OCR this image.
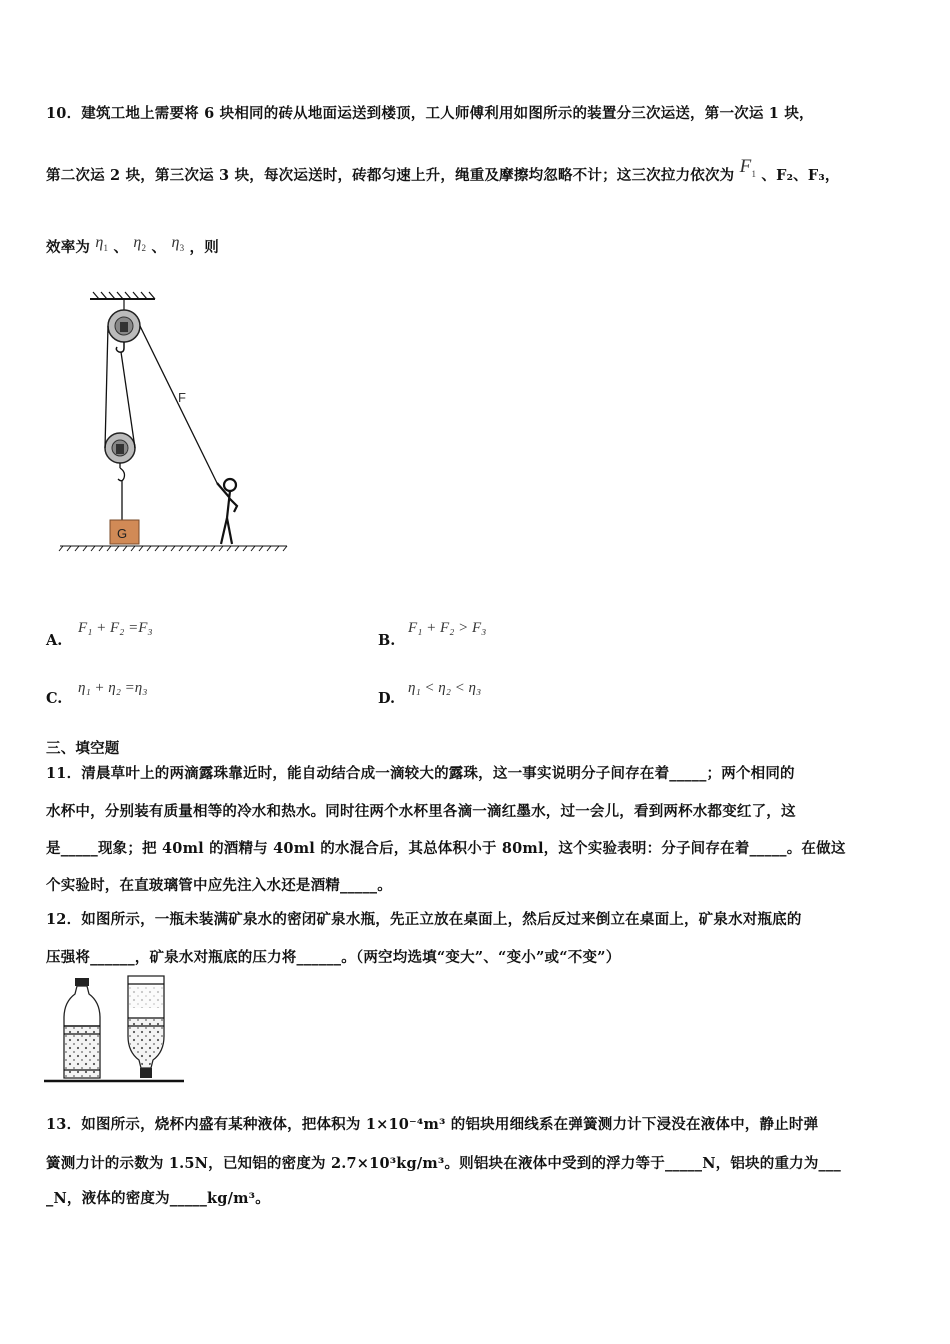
10．建筑工地上需要将 6 块相同的砖从地面运送到楼顶，工人师傅利用如图所示的装置分三次运送，第一次运 1 块，
第二次运 2 块，第三次运 3 块，每次运送时，砖都匀速上升，绳重及摩擦均忽略不计；这三次拉力依次为 $F_1$ 、F₂、F₃，
效率为 $\eta_1$ 、 $\eta_2$ 、 $\eta_3$ ，则
G
F
A.
F₁ + F₂ =F₃
B.
F₁ + F₂ > F₃
C.
η₁ + η₂ =η₃
D.
η₁ < η₂ < η₃
三、填空题
11．清晨草叶上的两滴露珠靠近时，能自动结合成一滴较大的露珠，这一事实说明分子间存在着_____；两个相同的
水杯中，分别装有质量相等的冷水和热水。同时往两个水杯里各滴一滴红墨水，过一会儿，看到两杯水都变红了，这
是_____现象；把 40ml 的酒精与 40ml 的水混合后，其总体积小于 80ml，这个实验表明：分子间存在着_____。在做这
个实验时，在直玻璃管中应先注入水还是酒精_____。
12．如图所示，一瓶未装满矿泉水的密闭矿泉水瓶，先正立放在桌面上，然后反过来倒立在桌面上，矿泉水对瓶底的
压强将______，矿泉水对瓶底的压力将______。（两空均选填“变大”、“变小”或“不变”）
13．如图所示，烧杯内盛有某种液体，把体积为 1×10⁻⁴m³ 的铝块用细线系在弹簧测力计下浸没在液体中，静止时弹
簧测力计的示数为 1.5N，已知铝的密度为 2.7×10³kg/m³。则铝块在液体中受到的浮力等于_____N，铝块的重力为___
_N，液体的密度为_____kg/m³。
